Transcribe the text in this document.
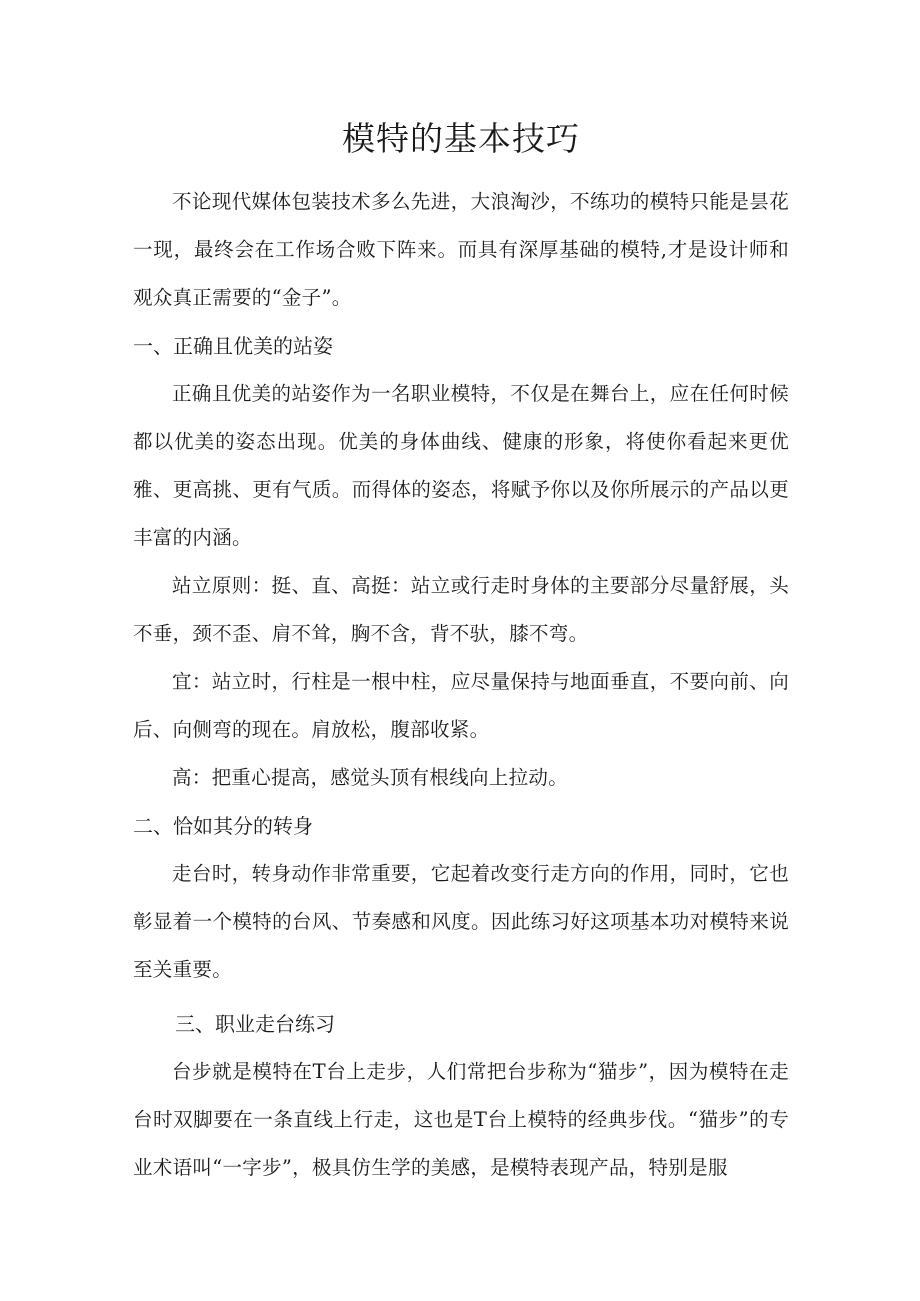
模特的基本技巧

不论现代媒体包装技术多么先进，大浪淘沙，不练功的模特只能是昙花一现，最终会在工作场合败下阵来。而具有深厚基础的模特,才是设计师和观众真正需要的“金子”。

一、正确且优美的站姿

正确且优美的站姿作为一名职业模特，不仅是在舞台上，应在任何时候都以优美的姿态出现。优美的身体曲线、健康的形象，将使你看起来更优雅、更高挑、更有气质。而得体的姿态，将赋予你以及你所展示的产品以更丰富的内涵。

站立原则：挺、直、高挺：站立或行走时身体的主要部分尽量舒展，头不垂，颈不歪、肩不耸，胸不含，背不驮，膝不弯。

宜：站立时，行柱是一根中柱，应尽量保持与地面垂直，不要向前、向后、向侧弯的现在。肩放松，腹部收紧。

高：把重心提高，感觉头顶有根线向上拉动。

二、恰如其分的转身

走台时，转身动作非常重要，它起着改变行走方向的作用，同时，它也彰显着一个模特的台风、节奏感和风度。因此练习好这项基本功对模特来说至关重要。

三、职业走台练习

台步就是模特在T台上走步，人们常把台步称为“猫步”，因为模特在走台时双脚要在一条直线上行走，这也是T台上模特的经典步伐。“猫步”的专业术语叫“一字步”，极具仿生学的美感，是模特表现产品，特别是服
